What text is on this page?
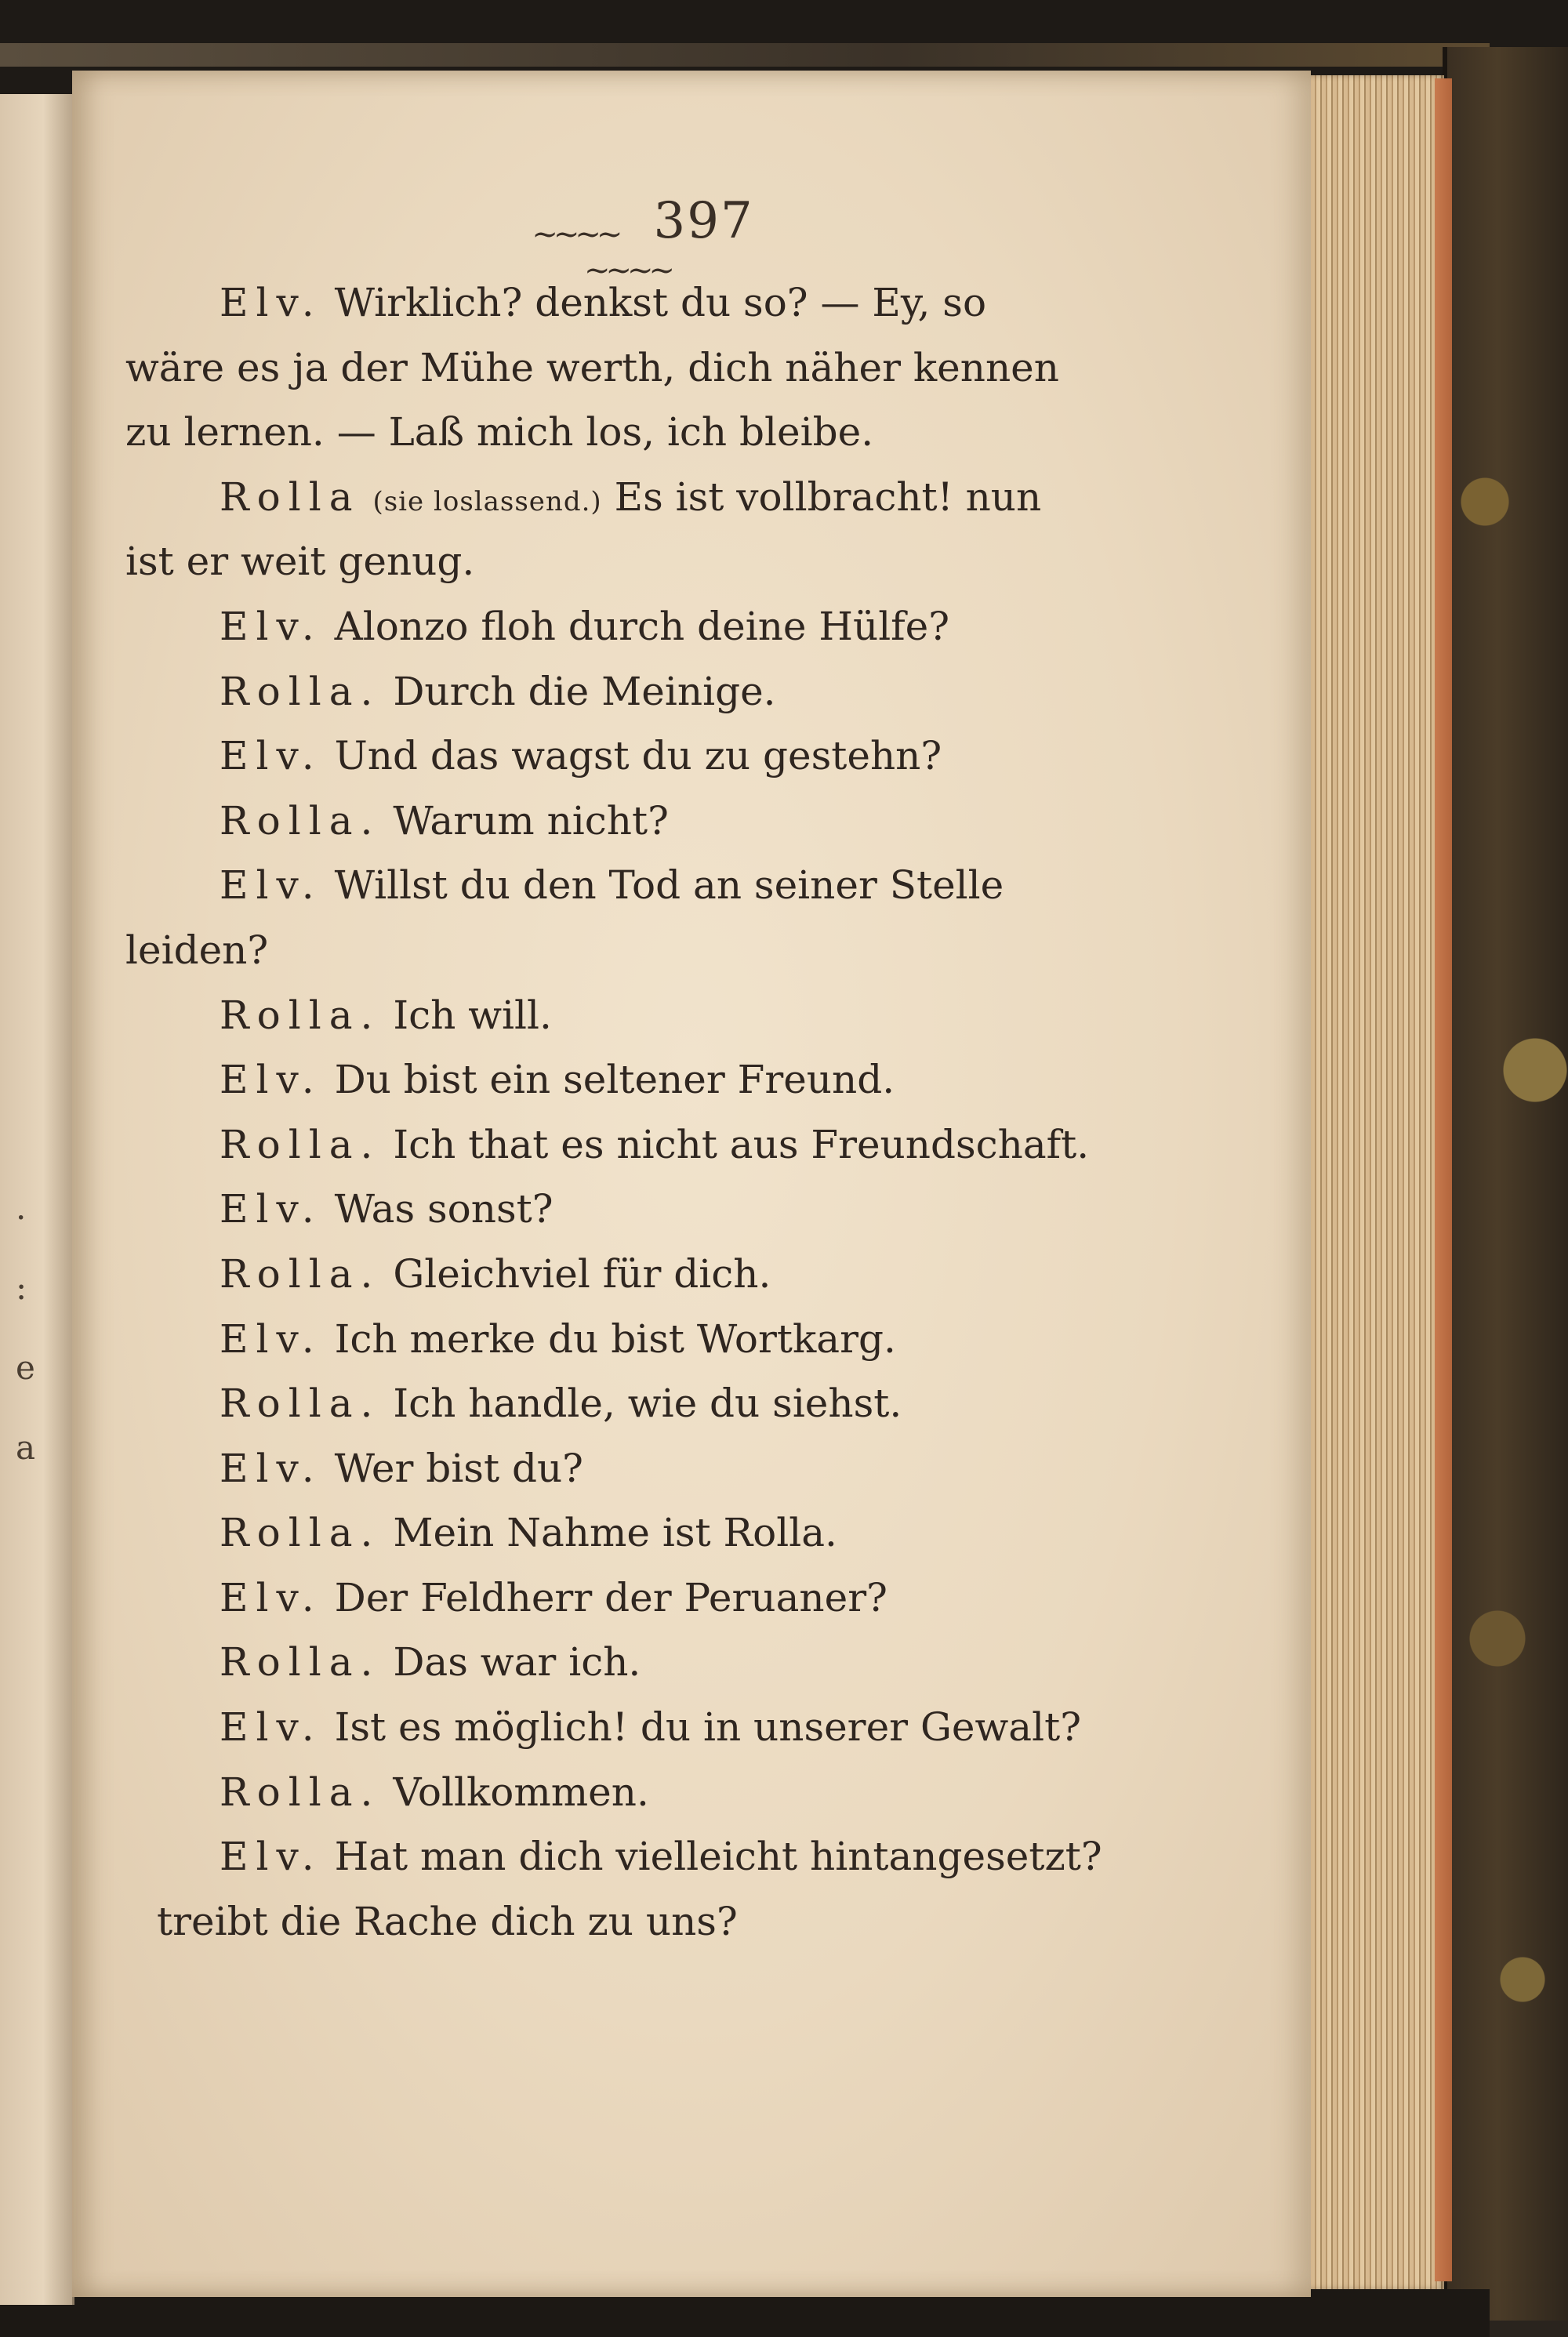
.
:
e
a
~~~~ 397 ~~~~
Elv. Wirklich? denkst du so? — Ey, so
wäre es ja der Mühe werth, dich näher kennen
zu lernen. — Laß mich los, ich bleibe.
Rolla (sie loslassend.) Es ist vollbracht! nun
ist er weit genug.
Elv. Alonzo floh durch deine Hülfe?
Rolla. Durch die Meinige.
Elv. Und das wagst du zu gestehn?
Rolla. Warum nicht?
Elv. Willst du den Tod an seiner Stelle
leiden?
Rolla. Ich will.
Elv. Du bist ein seltener Freund.
Rolla. Ich that es nicht aus Freundschaft.
Elv. Was sonst?
Rolla. Gleichviel für dich.
Elv. Ich merke du bist Wortkarg.
Rolla. Ich handle, wie du siehst.
Elv. Wer bist du?
Rolla. Mein Nahme ist Rolla.
Elv. Der Feldherr der Peruaner?
Rolla. Das war ich.
Elv. Ist es möglich! du in unserer Gewalt?
Rolla. Vollkommen.
Elv. Hat man dich vielleicht hintangesetzt?
treibt die Rache dich zu uns?
